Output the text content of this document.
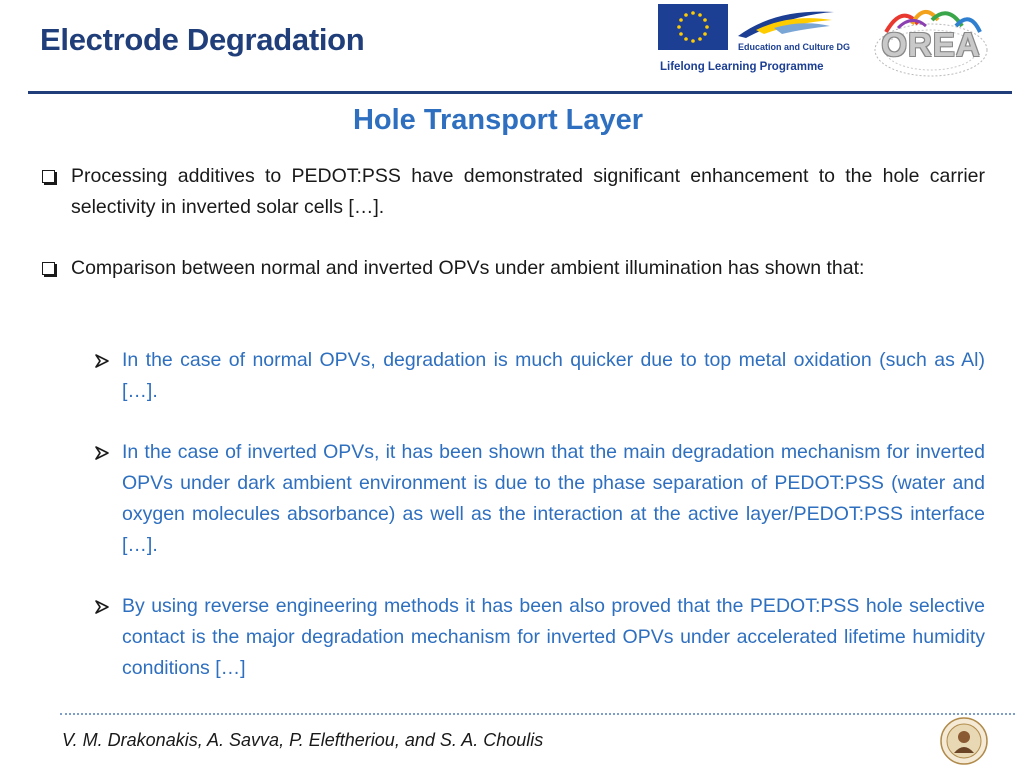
Electrode Degradation	Education and Culture DG
Lifelong Learning Programme
OREA
Hole Transport Layer
Processing additives to PEDOT:PSS have demonstrated significant enhancement to the hole carrier selectivity in inverted solar cells […].
Comparison between normal and inverted OPVs under ambient illumination has shown that:
In the case of normal OPVs, degradation is much quicker due to top metal oxidation (such as Al) […].
In the case of inverted OPVs, it has been shown that the main degradation mechanism for inverted OPVs under dark ambient environment is due to the phase separation of PEDOT:PSS (water and oxygen molecules absorbance) as well as the interaction at the active layer/PEDOT:PSS interface […].
By using reverse engineering methods it has been also proved that the PEDOT:PSS hole selective contact is the major degradation mechanism for inverted OPVs under accelerated lifetime humidity conditions […]
V. M. Drakonakis, A. Savva, P. Eleftheriou, and S. A. Choulis
